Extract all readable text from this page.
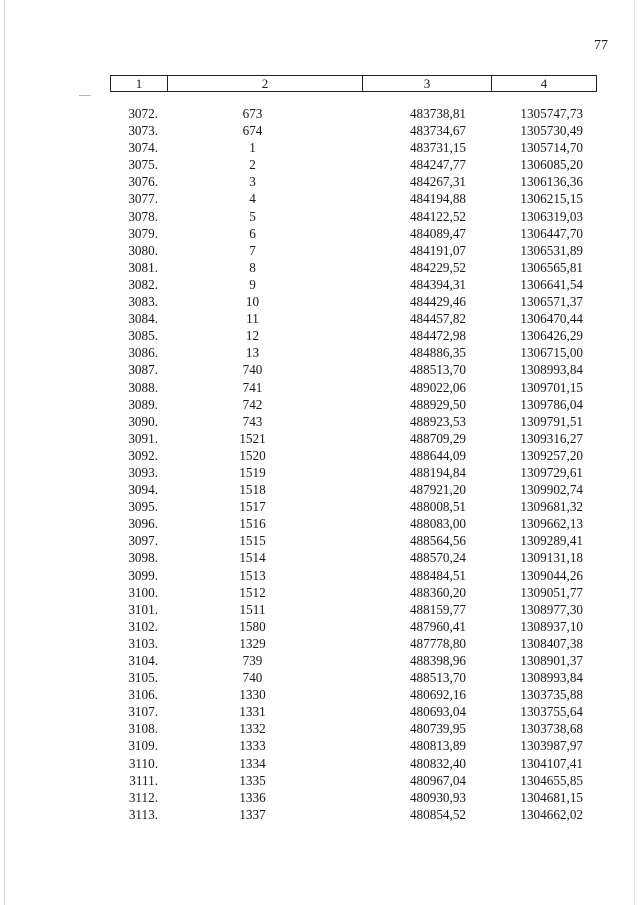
77
1	2	3	4
3072.	673	483738,81	1305747,73
3073.	674	483734,67	1305730,49
3074.	1	483731,15	1305714,70
3075.	2	484247,77	1306085,20
3076.	3	484267,31	1306136,36
3077.	4	484194,88	1306215,15
3078.	5	484122,52	1306319,03
3079.	6	484089,47	1306447,70
3080.	7	484191,07	1306531,89
3081.	8	484229,52	1306565,81
3082.	9	484394,31	1306641,54
3083.	10	484429,46	1306571,37
3084.	11	484457,82	1306470,44
3085.	12	484472,98	1306426,29
3086.	13	484886,35	1306715,00
3087.	740	488513,70	1308993,84
3088.	741	489022,06	1309701,15
3089.	742	488929,50	1309786,04
3090.	743	488923,53	1309791,51
3091.	1521	488709,29	1309316,27
3092.	1520	488644,09	1309257,20
3093.	1519	488194,84	1309729,61
3094.	1518	487921,20	1309902,74
3095.	1517	488008,51	1309681,32
3096.	1516	488083,00	1309662,13
3097.	1515	488564,56	1309289,41
3098.	1514	488570,24	1309131,18
3099.	1513	488484,51	1309044,26
3100.	1512	488360,20	1309051,77
3101.	1511	488159,77	1308977,30
3102.	1580	487960,41	1308937,10
3103.	1329	487778,80	1308407,38
3104.	739	488398,96	1308901,37
3105.	740	488513,70	1308993,84
3106.	1330	480692,16	1303735,88
3107.	1331	480693,04	1303755,64
3108.	1332	480739,95	1303738,68
3109.	1333	480813,89	1303987,97
3110.	1334	480832,40	1304107,41
3111.	1335	480967,04	1304655,85
3112.	1336	480930,93	1304681,15
3113.	1337	480854,52	1304662,02
